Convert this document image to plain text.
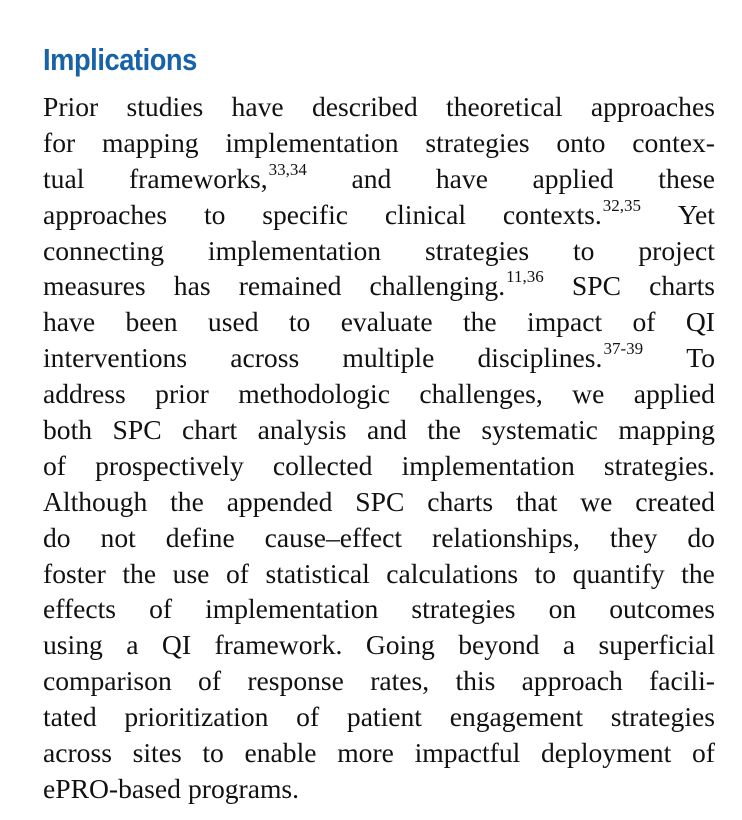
Implications
Prior studies have described theoretical approaches
for mapping implementation strategies onto contex-
tual frameworks,$^{33,34}$ and have applied these
approaches to specific clinical contexts.$^{32,35}$ Yet
connecting implementation strategies to project
measures has remained challenging.$^{11,36}$ SPC charts
have been used to evaluate the impact of QI
interventions across multiple disciplines.$^{37-39}$ To
address prior methodologic challenges, we applied
both SPC chart analysis and the systematic mapping
of prospectively collected implementation strategies.
Although the appended SPC charts that we created
do not define cause–effect relationships, they do
foster the use of statistical calculations to quantify the
effects of implementation strategies on outcomes
using a QI framework. Going beyond a superficial
comparison of response rates, this approach facili-
tated prioritization of patient engagement strategies
across sites to enable more impactful deployment of
ePRO-based programs.
